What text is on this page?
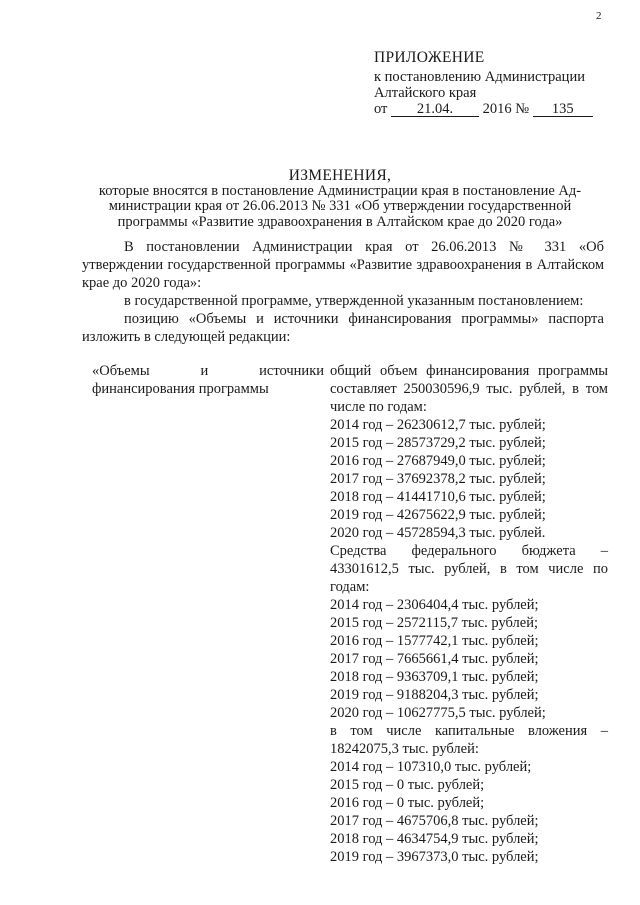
2
ПРИЛОЖЕНИЕ
к постановлению Администрации
Алтайского края
от 21.04. 2016 № 135
ИЗМЕНЕНИЯ,
которые вносятся в постановление Администрации края в постановление Ад-
министрации края от 26.06.2013 № 331 «Об утверждении государственной
программы «Развитие здравоохранения в Алтайском крае до 2020 года»

В постановлении Администрации края от 26.06.2013 № 331 «Об утверждении государственной программы «Развитие здравоохранения в Алтайском крае до 2020 года»:

в государственной программе, утвержденной указанным постановлением:

позицию «Объемы и источники финансирования программы» паспорта изложить в следующей редакции:

«Объемы и источники финансирования программы
общий объем финансирования программы составляет 250030596,9 тыс. рублей, в том числе по годам:
2014 год – 26230612,7 тыс. рублей;
2015 год – 28573729,2 тыс. рублей;
2016 год – 27687949,0 тыс. рублей;
2017 год – 37692378,2 тыс. рублей;
2018 год – 41441710,6 тыс. рублей;
2019 год – 42675622,9 тыс. рублей;
2020 год – 45728594,3 тыс. рублей.
Средства федерального бюджета – 43301612,5 тыс. рублей, в том числе по годам:
2014 год – 2306404,4 тыс. рублей;
2015 год – 2572115,7 тыс. рублей;
2016 год – 1577742,1 тыс. рублей;
2017 год – 7665661,4 тыс. рублей;
2018 год – 9363709,1 тыс. рублей;
2019 год – 9188204,3 тыс. рублей;
2020 год – 10627775,5 тыс. рублей;
в том числе капитальные вложения – 18242075,3 тыс. рублей:
2014 год – 107310,0 тыс. рублей;
2015 год – 0 тыс. рублей;
2016 год – 0 тыс. рублей;
2017 год – 4675706,8 тыс. рублей;
2018 год – 4634754,9 тыс. рублей;
2019 год – 3967373,0 тыс. рублей;
